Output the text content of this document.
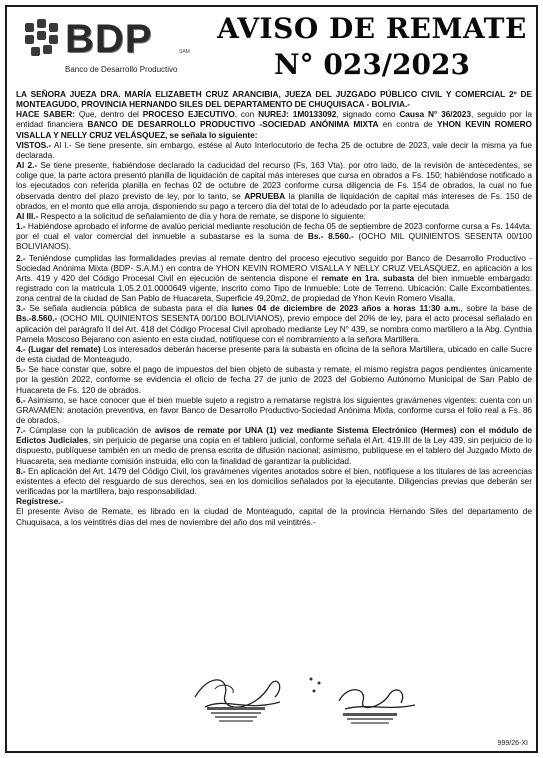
BDP	SAM
Banco de Desarrollo Productivo
AVISO DE REMATE
N° 023/2023

LA SEÑORA JUEZA DRA. MARÍA ELIZABETH CRUZ ARANCIBIA, JUEZA DEL JUZGADO PÚBLICO CIVIL Y COMERCIAL 2º DE MONTEAGUDO, PROVINCIA HERNANDO SILES DEL DEPARTAMENTO DE CHUQUISACA - BOLIVIA.-

HACE SABER: Que, dentro del PROCESO EJECUTIVO, con NUREJ: 1M0133092, signado como Causa N° 36/2023, seguido por la entidad financiera BANCO DE DESARROLLO PRODUCTIVO -SOCIEDAD ANÓNIMA MIXTA en contra de YHON KEVIN ROMERO VISALLA Y NELLY CRUZ VELÁSQUEZ, se señala lo siguiente:

VISTOS.- Al I.- Se tiene presente, sin embargo, estése al Auto Interlocutorio de fecha 25 de octubre de 2023, vale decir la misma ya fue declarada.

Al 2.- Se tiene presente, habiéndose declarado la caducidad del recurso (Fs, 163 Vta). por otro lado, de la revisión de antecedentes, se colige que, la parte actora presentó planilla de liquidación de capital más intereses que cursa en obrados a Fs. 150; habiéndose notificado a los ejecutados con referida planilla en fechas 02 de octubre de 2023 conforme cursa diligencia de Fs. 154 de obrados, la cual no fue observada dentro del plazo previsto de ley, por lo tanto, se APRUEBA la planilla de liquidación de capital más intereses de Fs. 150 de obrados, en el monto que ella arroja, disponiendo su pago a tercero día del total de lo adeudado por la parte ejecutada

Al III.- Respecto a la solicitud de señalamiento de día y hora de remate, se dispone lo siguiente:

1.- Habiéndose aprobado el informe de avalúo pericial mediante resolución de fecha 05 de septiembre de 2023 conforme cursa a Fs. 144vta. por el cual el valor comercial del inmueble a subastarse es la suma de Bs.- 8.560.- (OCHO MIL QUINIENTOS SESENTA 00/100 BOLIVIANOS).

2.- Teniéndose cumplidas las formalidades previas al remate dentro del proceso ejecutivo seguido por Banco de Desarrollo Productivo - Sociedad Anónima Mixta (BDP- S.A.M.) en contra de YHON KEVIN ROMERO VISALLA Y NELLY CRUZ VELÁSQUEZ, en aplicación a los Arts. 419 y 420 del Código Procesal Civil en ejecución de sentencia dispone el remate en 1ra. subasta del bien inmueble embargado: registrado con la matricula 1.05.2.01.0000649 vigente, inscrito como Tipo de Inmueble: Lote de Terreno. Ubicación: Calle Excombatientes. zona central de la ciudad de San Pablo de Huacareta, Superficie 49,20m2, de propiedad de Yhon Kevin Romero Visalla.

3.- Se señala audiencia pública de subasta para el día lunes 04 de diciembre de 2023 años a horas 11:30 a.m., sobre la base de Bs.-8.560.- (OCHO MIL QUINIENTOS SESENTA 00/100 BOLIVIANOS), previo empoce del 20% de ley, para el acto procesal señalado en aplicación del parágrafo II del Art. 418 del Código Procesal Civil aprobado mediante Ley N° 439, se nombra como martillero a la Abg. Cynthia Pamela Moscoso Bejarano con asiento en esta ciudad, notifíquese con el nombramiento a la señora Martillera.

4.- (Lugar del remate) Los interesados deberán hacerse presente para la subasta en oficina de la señora Martillera, ubicado en calle Sucre de esta ciudad de Monteagudo.

5.- Se hace constar que, sobre el pago de impuestos del bien objeto de subasta y remate, el mismo registra pagos pendientes únicamente por la gestión 2022, conforme se evidencia el oficio de fecha 27 de junio de 2023 del Gobierno Autónomo Municipal de San Pablo de Huacareta de Fs. 120 de obrados.

6.- Asimismo, se hace conocer que el bien mueble sujeto a registro a rematarse registra los siguientes gravámenes vigentes: cuenta con un GRAVAMEN: anotación preventiva, en favor Banco de Desarrollo Productivo-Sociedad Anónima Mixta, conforme cursa el folio real a Fs. 86 de obrados.

7.- Cúmplase con la publicación de avisos de remate por UNA (1) vez mediante Sistema Electrónico (Hermes) con el módulo de Edictos Judiciales, sin perjuicio de pegarse una copia en el tablero judicial, conforme señala el Art. 419.III de la Ley 439, sin perjuicio de lo dispuesto, publíquese también en un medio de prensa escrita de difusión nacional; asimismo, publíquese en el tablero del Juzgado Mixto de Huacareta, sea mediante comisión instruida, ello con la finalidad de garantizar la publicidad.

8.- En aplicación del Art. 1479 del Código Civil, los gravámenes vigentes anotados sobre el bien, notifíquese a los titulares de las acreencias existentes a efecto del resguardo de sus derechos, sea en los domicilios señalados por la ejecutante. Diligencias previas que deberán ser verificadas por la martillera, bajo responsabilidad.

Regístrese.-

El presente Aviso de Remate, es librado en la ciudad de Monteagudo, capital de la provincia Hernando Siles del departamento de Chuquisaca, a los veintitrés días del mes de noviembre del año dos mil veintitrés.-

999/26-XI
